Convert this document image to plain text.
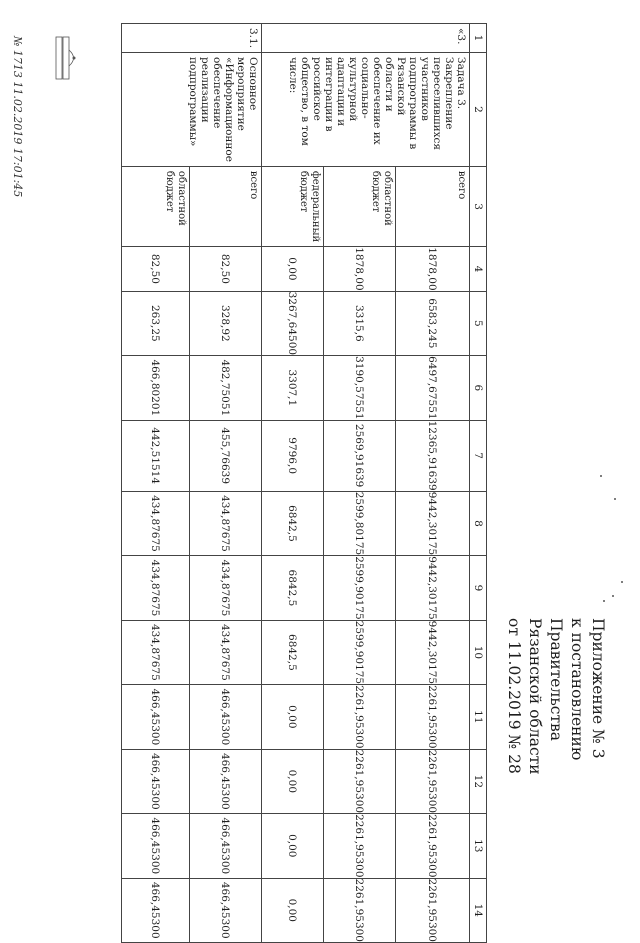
Приложение № 3
к постановлению Правительства
Рязанской области
от 11.02.2019 № 28
1	2	3	4	5	6	7	8	9	10	11	12	13	14
«3.	Задача 3. Закрепление переселившихся участников подпрограммы в Рязанской области и обеспечение их социально-культурной адаптации и интеграции в российское общество, в том числе:	всего	1878,00	6583,245	6497,67551	12365,91639	9442,30175	9442,30175	9442,30175	2261,95300	2261,95300	2261,95300	2261,95300

		областной бюджет	1878,00	3315,6	3190,57551	2569,91639	2599,80175	2599,90175	2599,90175	2261,95300	2261,95300	2261,95300	2261,95300

		федеральный бюджет	0,00	3267,64500	3307,1	9796,0	6842,5	6842,5	6842,5	0,00	0,00	0,00	0,00

3.1.	Основное мероприятие «Информационное обеспечение реализации подпрограммы»	всего	82,50	328,92	482,75051	455,76639	434,87675	434,87675	434,87675	466,45300	466,45300	466,45300	466,45300

		областной бюджет	82,50	263,25	466,80201	442,51514	434,87675	434,87675	434,87675	466,45300	466,45300	466,45300	466,45300
№ 1713 11.02.2019 17:01:45
